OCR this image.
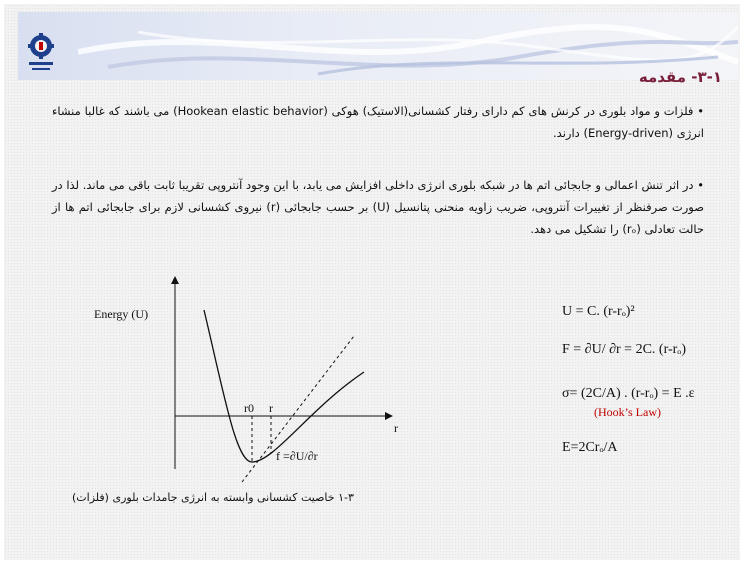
۳-۱- مقدمه
• فلزات و مواد بلوری در کرنش های کم دارای رفتار کشسانی(الاستیک) هوکی (Hookean elastic behavior) می باشند که غالبا منشاء انرژی (Energy-driven) دارند.
• در اثر تنش اعمالی و جابجائی اتم ها در شبکه بلوری انرژی داخلی افزایش می یابد، با این وجود آنتروپی تقریبا ثابت باقی می ماند. لذا در صورت صرفنظر از تغییرات آنتروپی، ضریب زاویه منحنی پتانسیل (U) بر حسب جابجائی (r) نیروی کشسانی لازم برای جابجائی اتم ها از حالت تعادلی (rₒ) را تشکیل می دهد.
Energy (U)
r
r0 r
f =∂U/∂r
۱-۳ خاصیت کشسانی وابسته به انرژی جامدات بلوری (فلزات)
U = C. (r-rₒ)²
F = ∂U/ ∂r = 2C. (r-rₒ)
σ= (2C/A) . (r-rₒ) = E .ε
(Hook’s Law)
E=2Crₒ/A
